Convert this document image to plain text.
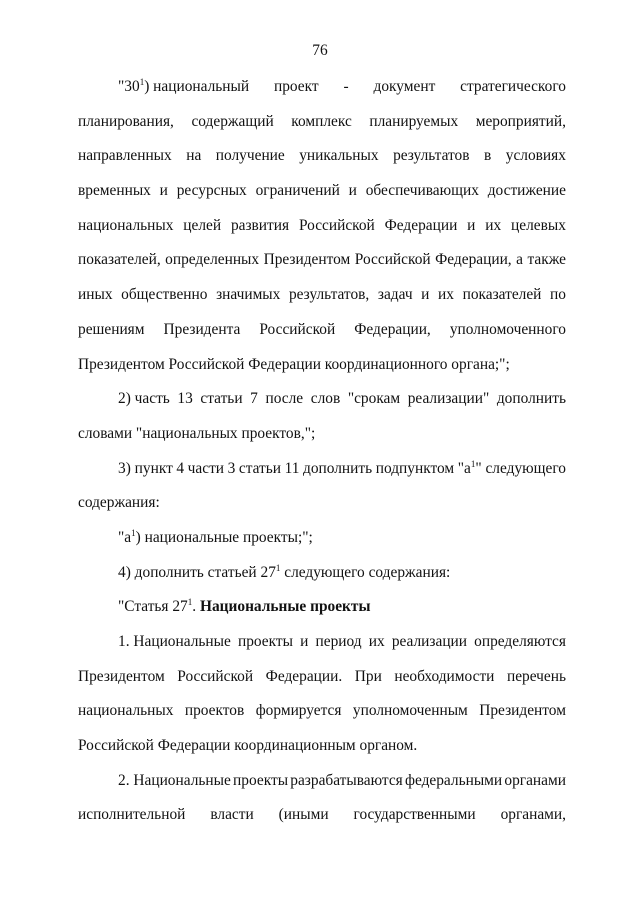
76
"$30^1$) национальный проект - документ стратегического
планирования, содержащий комплекс планируемых мероприятий,
направленных на получение уникальных результатов в условиях
временных и ресурсных ограничений и обеспечивающих достижение
национальных целей развития Российской Федерации и их целевых
показателей, определенных Президентом Российской Федерации, а также
иных общественно значимых результатов, задач и их показателей по
решениям Президента Российской Федерации, уполномоченного
Президентом Российской Федерации координационного органа;";
2) часть 13 статьи 7 после слов "срокам реализации" дополнить
словами "национальных проектов,";
3) пункт 4 части 3 статьи 11 дополнить подпунктом "$а^1$" следующего
содержания:
"$а^1$) национальные проекты;";
4) дополнить статьей $27^1$ следующего содержания:
"Статья $27^1$. Национальные проекты
1. Национальные проекты и период их реализации определяются
Президентом Российской Федерации. При необходимости перечень
национальных проектов формируется уполномоченным Президентом
Российской Федерации координационным органом.
2. Национальные проекты разрабатываются федеральными органами
исполнительной власти (иными государственными органами,
